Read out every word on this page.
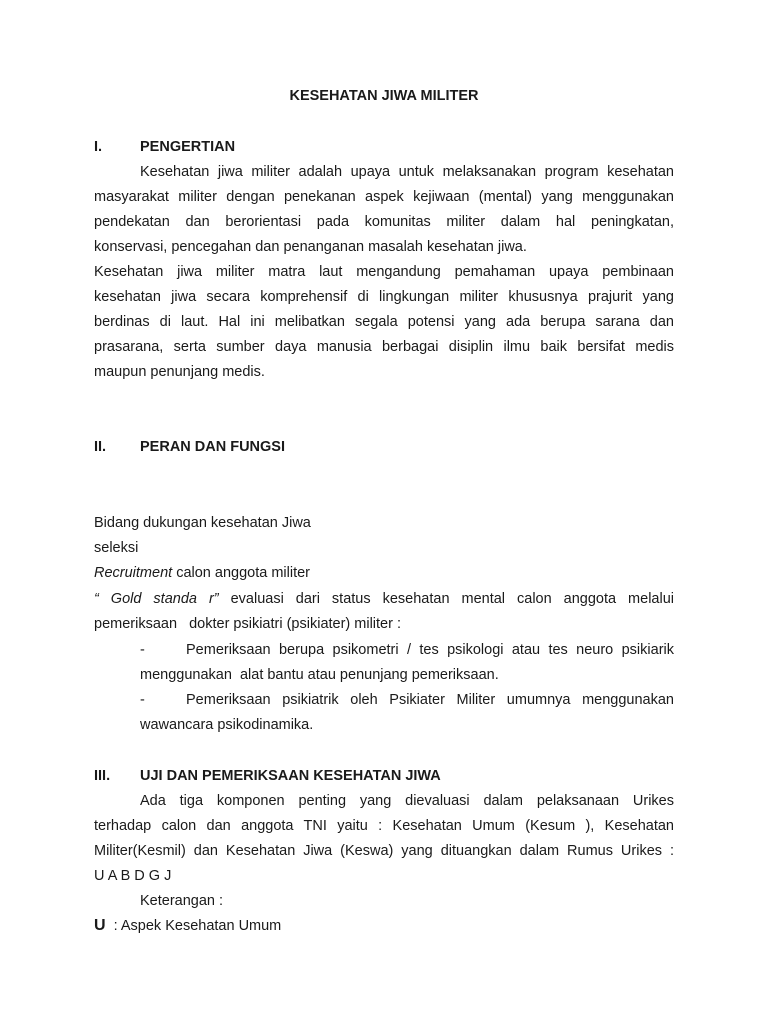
KESEHATAN JIWA MILITER
I.	PENGERTIAN
Kesehatan jiwa militer adalah upaya untuk melaksanakan program kesehatan
masyarakat militer dengan penekanan aspek kejiwaan (mental) yang menggunakan
pendekatan dan berorientasi pada komunitas militer dalam hal peningkatan,
konservasi, pencegahan dan penanganan masalah kesehatan jiwa.
Kesehatan jiwa militer matra laut mengandung pemahaman upaya pembinaan
kesehatan jiwa secara komprehensif di lingkungan militer khususnya prajurit yang
berdinas di laut. Hal ini melibatkan segala potensi yang ada berupa sarana dan
prasarana, serta sumber daya manusia berbagai disiplin ilmu baik bersifat medis
maupun penunjang medis.
II. PERAN DAN FUNGSI
Bidang dukungan kesehatan Jiwa
seleksi
Recruitment calon anggota militer
“ Gold standa r” evaluasi dari status kesehatan mental calon anggota melalui
pemeriksaan   dokter psikiatri (psikiater) militer :
-	Pemeriksaan berupa psikometri / tes psikologi atau tes neuro psikiarik
menggunakan  alat bantu atau penunjang pemeriksaan.
-	Pemeriksaan psikiatrik oleh Psikiater Militer umumnya menggunakan
wawancara psikodinamika.
III. UJI DAN PEMERIKSAAN KESEHATAN JIWA
Ada tiga komponen penting yang dievaluasi dalam pelaksanaan Urikes
terhadap calon dan anggota TNI yaitu : Kesehatan Umum (Kesum ), Kesehatan
Militer(Kesmil) dan Kesehatan Jiwa (Keswa) yang dituangkan dalam Rumus Urikes :
U A B D G J
Keterangan :
U  : Aspek Kesehatan Umum
